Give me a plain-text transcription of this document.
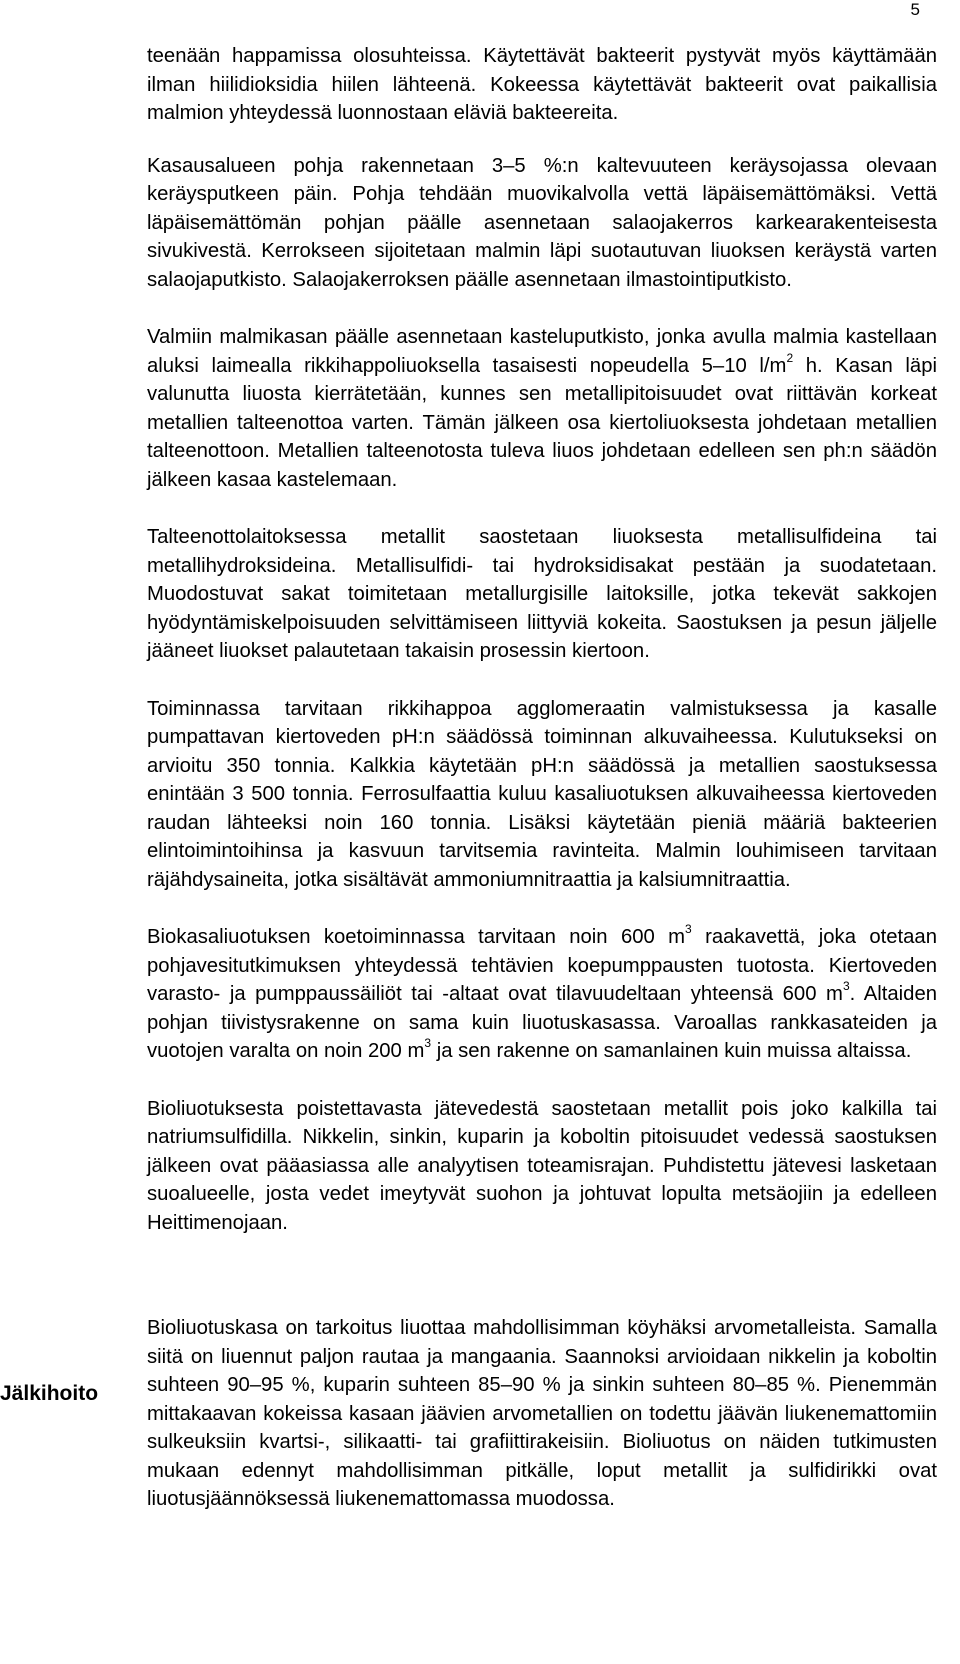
5
Jälkihoito

teenään happamissa olosuhteissa. Käytettävät bakteerit pystyvät myös käyttämään ilman hiilidioksidia hiilen lähteenä. Kokeessa käytettävät bakteerit ovat paikallisia malmion yhteydessä luonnostaan eläviä bakteereita.

Kasausalueen pohja rakennetaan 3–5 %:n kaltevuuteen keräysojassa olevaan keräysputkeen päin. Pohja tehdään muovikalvolla vettä läpäisemättömäksi. Vettä läpäisemättömän pohjan päälle asennetaan salaojakerros karkearakenteisesta sivukivestä. Kerrokseen sijoitetaan malmin läpi suotautuvan liuoksen keräystä varten salaojaputkisto. Salaojakerroksen päälle asennetaan ilmastointiputkisto.

Valmiin malmikasan päälle asennetaan kasteluputkisto, jonka avulla malmia kastellaan aluksi laimealla rikkihappoliuoksella tasaisesti nopeudella 5–10 $l/m^2$ h. Kasan läpi valunutta liuosta kierrätetään, kunnes sen metallipitoisuudet ovat riittävän korkeat metallien talteenottoa varten. Tämän jälkeen osa kiertoliuoksesta johdetaan metallien talteenottoon. Metallien talteenotosta tuleva liuos johdetaan edelleen sen ph:n säädön jälkeen kasaa kastelemaan.

Talteenottolaitoksessa metallit saostetaan liuoksesta metallisulfideina tai metallihydroksideina. Metallisulfidi- tai hydroksidisakat pestään ja suodatetaan. Muodostuvat sakat toimitetaan metallurgisille laitoksille, jotka tekevät sakkojen hyödyntämiskelpoisuuden selvittämiseen liittyviä kokeita. Saostuksen ja pesun jäljelle jääneet liuokset palautetaan takaisin prosessin kiertoon.

Toiminnassa tarvitaan rikkihappoa agglomeraatin valmistuksessa ja kasalle pumpattavan kiertoveden pH:n säädössä toiminnan alkuvaiheessa. Kulutukseksi on arvioitu 350 tonnia. Kalkkia käytetään pH:n säädössä ja metallien saostuksessa enintään 3 500 tonnia. Ferrosulfaattia kuluu kasaliuotuksen alkuvaiheessa kiertoveden raudan lähteeksi noin 160 tonnia. Lisäksi käytetään pieniä määriä bakteerien elintoimintoihinsa ja kasvuun tarvitsemia ravinteita. Malmin louhimiseen tarvitaan räjähdysaineita, jotka sisältävät ammoniumnitraattia ja kalsiumnitraattia.

Biokasaliuotuksen koetoiminnassa tarvitaan noin 600 $m^3$ raakavettä, joka otetaan pohjavesitutkimuksen yhteydessä tehtävien koepumppausten tuotosta. Kiertoveden varasto- ja pumppaussäiliöt tai -altaat ovat tilavuudeltaan yhteensä 600 $m^3$. Altaiden pohjan tiivistysrakenne on sama kuin liuotuskasassa. Varoallas rankkasateiden ja vuotojen varalta on noin 200 $m^3$ ja sen rakenne on samanlainen kuin muissa altaissa.

Bioliuotuksesta poistettavasta jätevedestä saostetaan metallit pois joko kalkilla tai natriumsulfidilla. Nikkelin, sinkin, kuparin ja koboltin pitoisuudet vedessä saostuksen jälkeen ovat pääasiassa alle analyytisen toteamisrajan. Puhdistettu jätevesi lasketaan suoalueelle, josta vedet imeytyvät suohon ja johtuvat lopulta metsäojiin ja edelleen Heittimenojaan.

Bioliuotuskasa on tarkoitus liuottaa mahdollisimman köyhäksi arvometalleista. Samalla siitä on liuennut paljon rautaa ja mangaania. Saannoksi arvioidaan nikkelin ja koboltin suhteen 90–95 %, kuparin suhteen 85–90 % ja sinkin suhteen 80–85 %. Pienemmän mittakaavan kokeissa kasaan jäävien arvometallien on todettu jäävän liukenemattomiin sulkeuksiin kvartsi-, silikaatti- tai grafiittirakeisiin. Bioliuotus on näiden tutkimusten mukaan edennyt mahdollisimman pitkälle, loput metallit ja sulfidirikki ovat liuotusjäännöksessä liukenemattomassa muodossa.
